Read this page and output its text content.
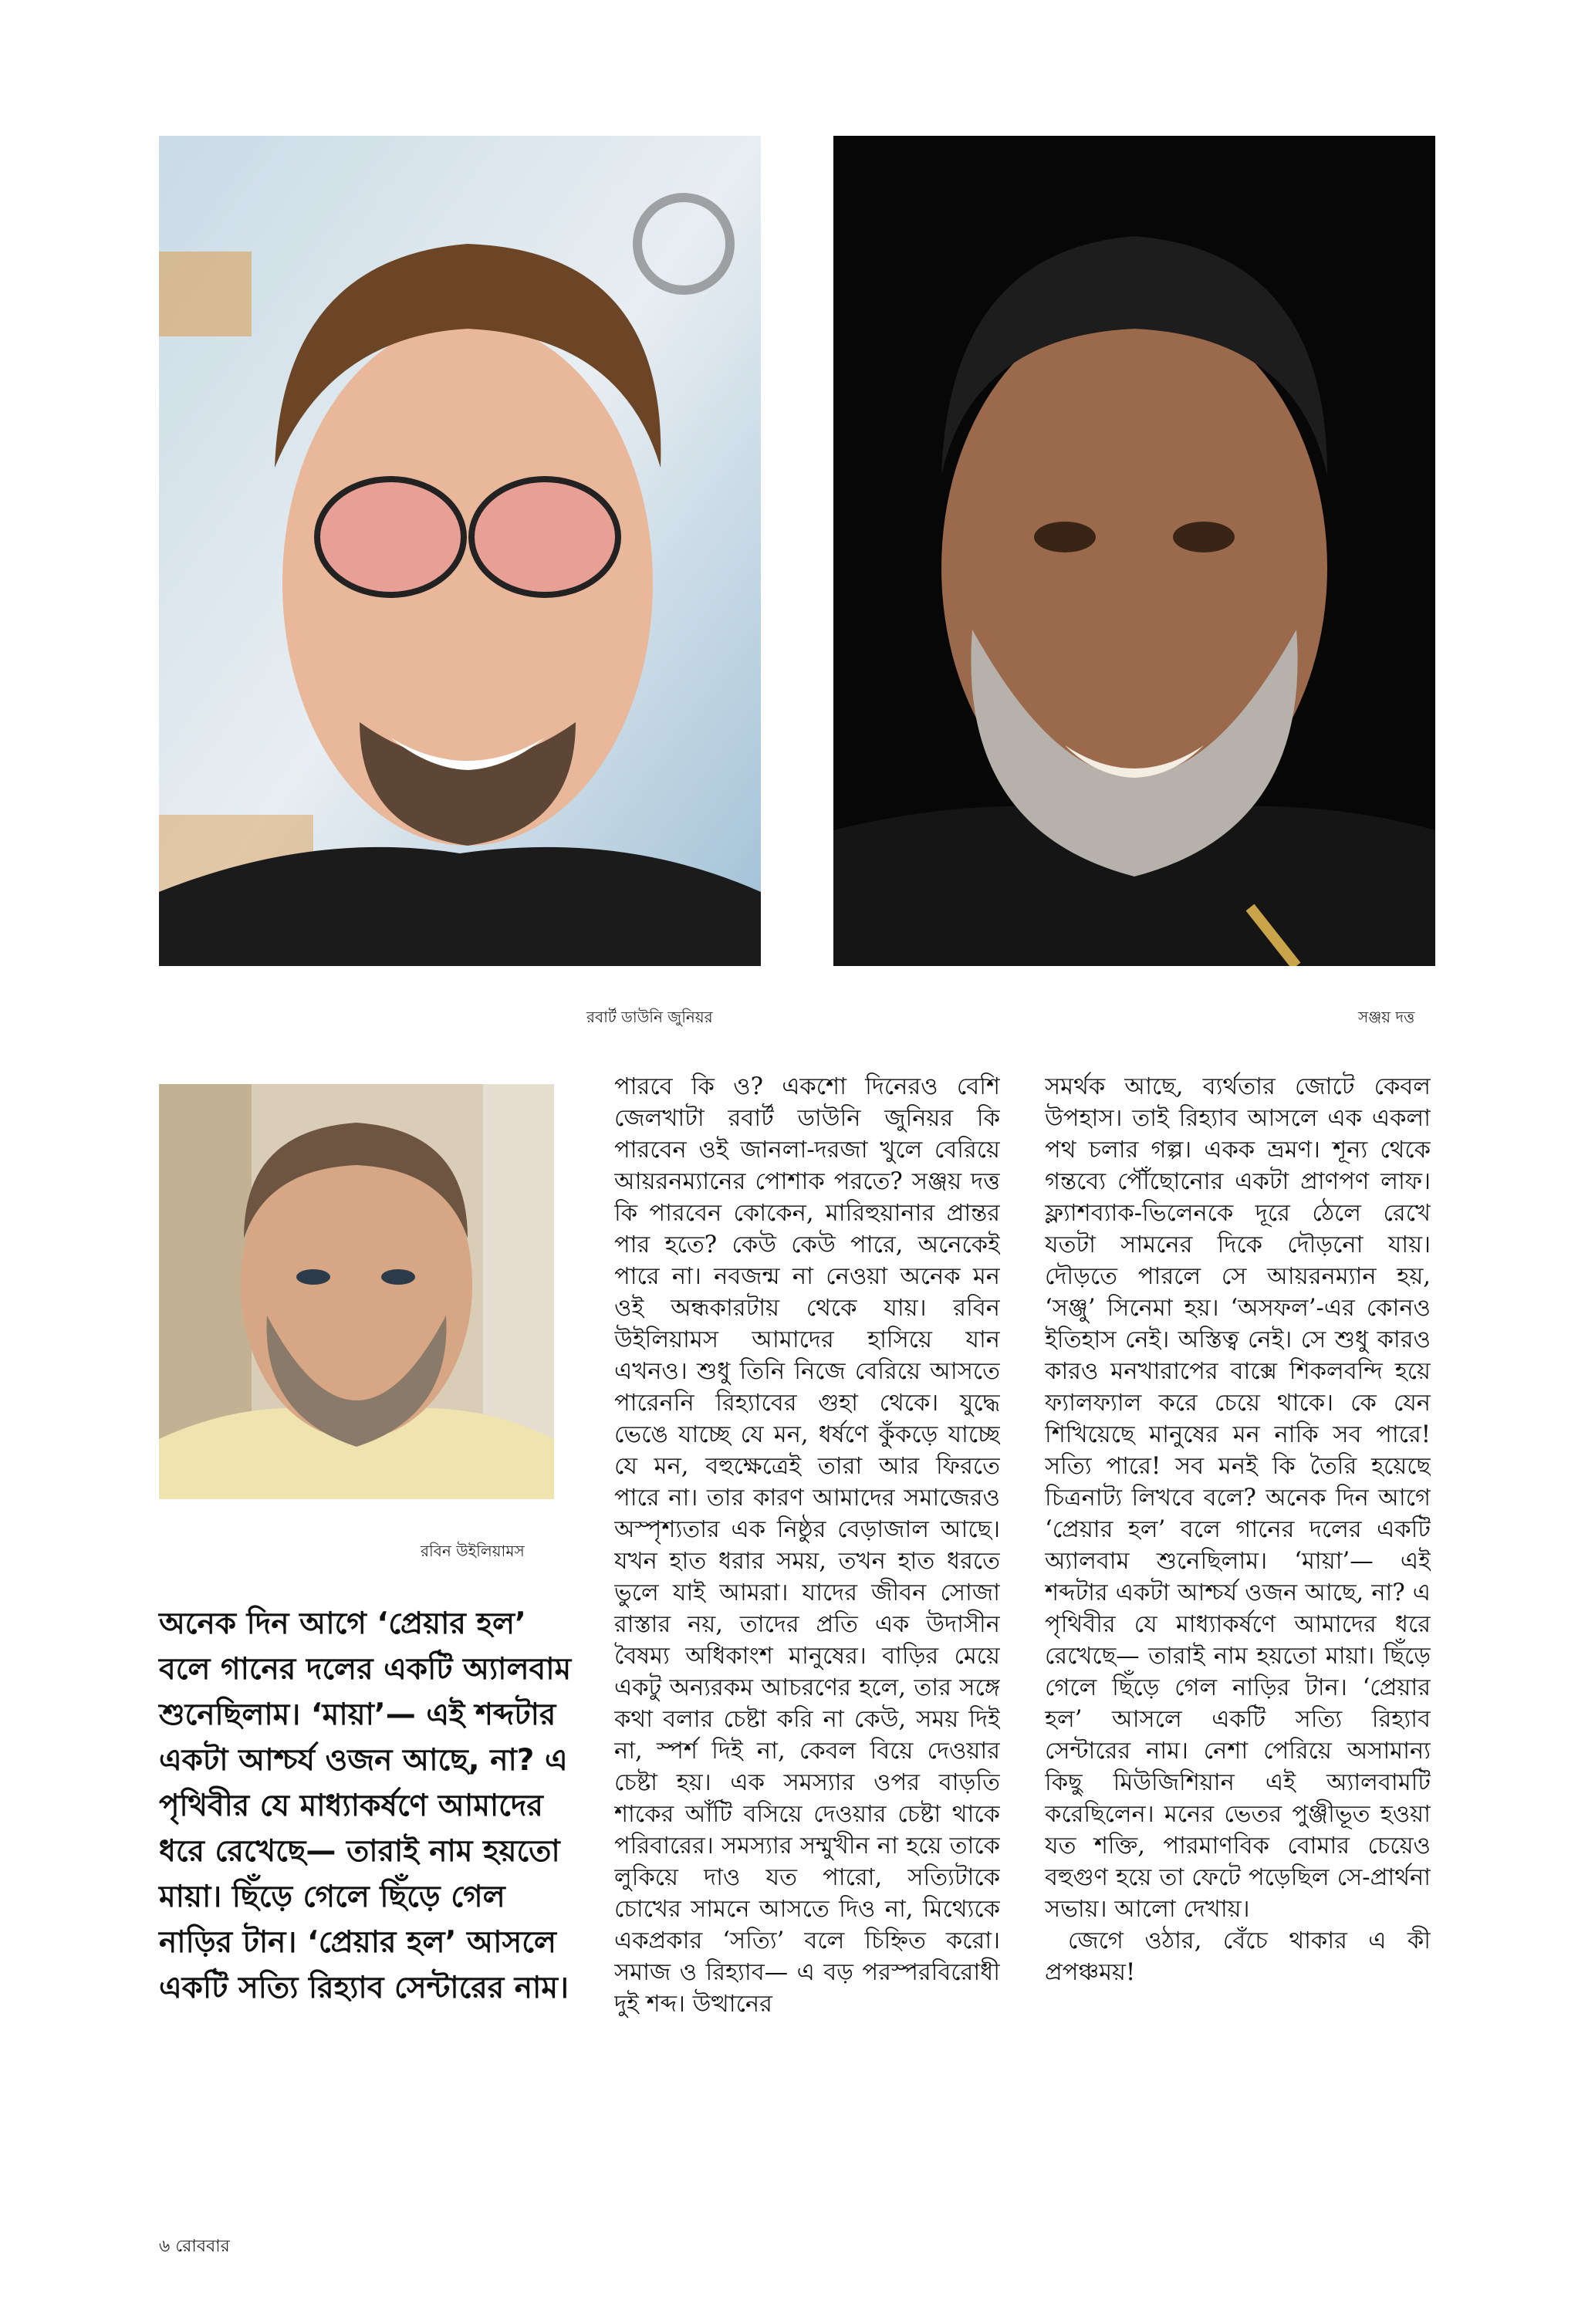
রবার্ট ডাউনি জুনিয়র	সঞ্জয় দত্ত
রবিন উইলিয়ামস
অনেক দিন আগে ‘প্রেয়ার হল’ বলে গানের দলের একটি অ্যালবাম শুনেছিলাম। ‘মায়া’— এই শব্দটার একটা আশ্চর্য ওজন আছে, না? এ পৃথিবীর যে মাধ্যাকর্ষণে আমাদের ধরে রেখেছে— তারাই নাম হয়তো মায়া। ছিঁড়ে গেলে ছিঁড়ে গেল নাড়ির টান। ‘প্রেয়ার হল’ আসলে একটি সত্যি রিহ্যাব সেন্টারের নাম।

পারবে কি ও? একশো দিনেরও বেশি জেলখাটা রবার্ট ডাউনি জুনিয়র কি পারবেন ওই জানলা-দরজা খুলে বেরিয়ে আয়রনম্যানের পোশাক পরতে? সঞ্জয় দত্ত কি পারবেন কোকেন, মারিহুয়ানার প্রান্তর পার হতে? কেউ কেউ পারে, অনেকেই পারে না। নবজন্ম না নেওয়া অনেক মন ওই অন্ধকারটায় থেকে যায়। রবিন উইলিয়ামস আমাদের হাসিয়ে যান এখনও। শুধু তিনি নিজে বেরিয়ে আসতে পারেননি রিহ্যাবের গুহা থেকে। যুদ্ধে ভেঙে যাচ্ছে যে মন, ধর্ষণে কুঁকড়ে যাচ্ছে যে মন, বহুক্ষেত্রেই তারা আর ফিরতে পারে না। তার কারণ আমাদের সমাজেরও অস্পৃশ্যতার এক নিষ্ঠুর বেড়াজাল আছে। যখন হাত ধরার সময়, তখন হাত ধরতে ভুলে যাই আমরা। যাদের জীবন সোজা রাস্তার নয়, তাদের প্রতি এক উদাসীন বৈষম্য অধিকাংশ মানুষের। বাড়ির মেয়ে একটু অন্যরকম আচরণের হলে, তার সঙ্গে কথা বলার চেষ্টা করি না কেউ, সময় দিই না, স্পর্শ দিই না, কেবল বিয়ে দেওয়ার চেষ্টা হয়। এক সমস্যার ওপর বাড়তি শাকের আঁটি বসিয়ে দেওয়ার চেষ্টা থাকে পরিবারের। সমস্যার সম্মুখীন না হয়ে তাকে লুকিয়ে দাও যত পারো, সত্যিটাকে চোখের সামনে আসতে দিও না, মিথ্যেকে একপ্রকার ‘সত্যি’ বলে চিহ্নিত করো। সমাজ ও রিহ্যাব— এ বড় পরস্পরবিরোধী দুই শব্দ। উত্থানের

সমর্থক আছে, ব্যর্থতার জোটে কেবল উপহাস। তাই রিহ্যাব আসলে এক একলা পথ চলার গল্প। একক ভ্রমণ। শূন্য থেকে গন্তব্যে পৌঁছোনোর একটা প্রাণপণ লাফ। ফ্ল্যাশব্যাক-ভিলেনকে দূরে ঠেলে রেখে যতটা সামনের দিকে দৌড়নো যায়। দৌড়তে পারলে সে আয়রনম্যান হয়, ‘সঞ্জু’ সিনেমা হয়। ‘অসফল’-এর কোনও ইতিহাস নেই। অস্তিত্ব নেই। সে শুধু কারও কারও মনখারাপের বাক্সে শিকলবন্দি হয়ে ফ্যালফ্যাল করে চেয়ে থাকে। কে যেন শিখিয়েছে মানুষের মন নাকি সব পারে! সত্যি পারে! সব মনই কি তৈরি হয়েছে চিত্রনাট্য লিখবে বলে? অনেক দিন আগে ‘প্রেয়ার হল’ বলে গানের দলের একটি অ্যালবাম শুনেছিলাম। ‘মায়া’— এই শব্দটার একটা আশ্চর্য ওজন আছে, না? এ পৃথিবীর যে মাধ্যাকর্ষণে আমাদের ধরে রেখেছে— তারাই নাম হয়তো মায়া। ছিঁড়ে গেলে ছিঁড়ে গেল নাড়ির টান। ‘প্রেয়ার হল’ আসলে একটি সত্যি রিহ্যাব সেন্টারের নাম। নেশা পেরিয়ে অসামান্য কিছু মিউজিশিয়ান এই অ্যালবামটি করেছিলেন। মনের ভেতর পুঞ্জীভূত হওয়া যত শক্তি, পারমাণবিক বোমার চেয়েও বহুগুণ হয়ে তা ফেটে পড়েছিল সে-প্রার্থনা সভায়। আলো দেখায়।

জেগে ওঠার, বেঁচে থাকার এ কী প্রপঞ্চময়!

৬ রোববার
